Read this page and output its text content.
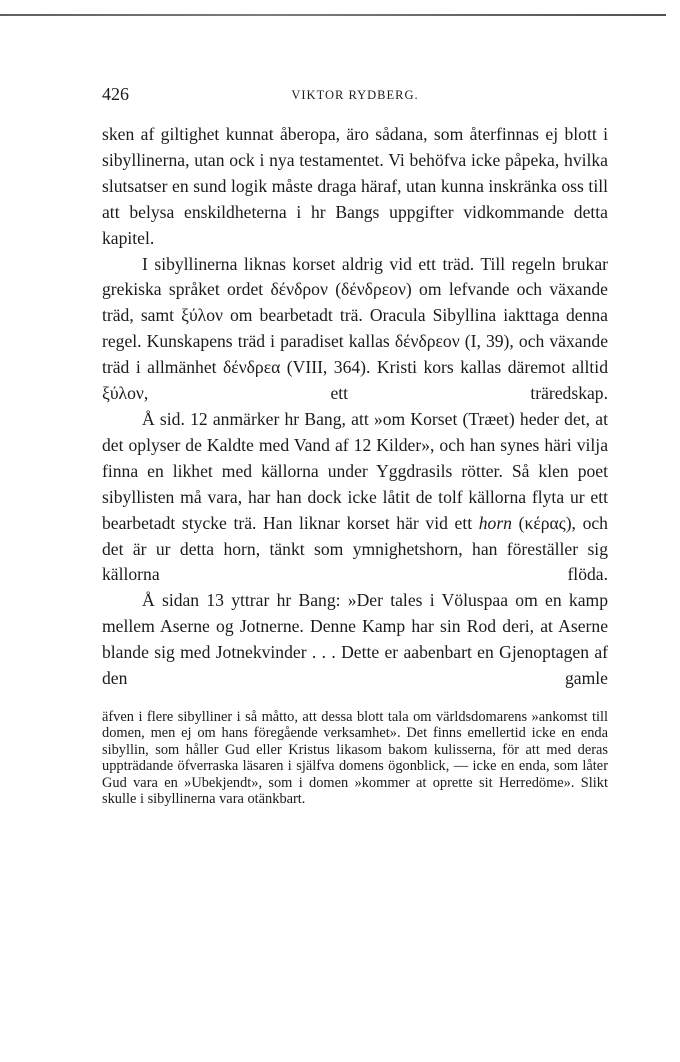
426	VIKTOR RYDBERG.

sken af giltighet kunnat åberopa, äro sådana, som återfinnas ej blott i sibyllinerna, utan ock i nya testamentet. Vi behöfva icke påpeka, hvilka slutsatser en sund logik måste draga häraf, utan kunna inskränka oss till att belysa enskildheterna i hr Bangs uppgifter vidkommande detta kapitel.

I sibyllinerna liknas korset aldrig vid ett träd. Till regeln brukar grekiska språket ordet δένδρον (δένδρεον) om lefvande och växande träd, samt ξύλον om bearbetadt trä. Oracula Sibyllina iakttaga denna regel. Kunskapens träd i paradiset kallas δένδρεον (I, 39), och växande träd i allmänhet δένδρεα (VIII, 364). Kristi kors kallas däremot alltid ξύλον, ett träredskap.

Å sid. 12 anmärker hr Bang, att »om Korset (Træet) heder det, at det oplyser de Kaldte med Vand af 12 Kilder», och han synes häri vilja finna en likhet med källorna under Yggdrasils rötter. Så klen poet sibyllisten må vara, har han dock icke låtit de tolf källorna flyta ur ett bearbetadt stycke trä. Han liknar korset här vid ett horn (κέρας), och det är ur detta horn, tänkt som ymnighetshorn, han föreställer sig källorna flöda.

Å sidan 13 yttrar hr Bang: »Der tales i Völuspaa om en kamp mellem Aserne og Jotnerne. Denne Kamp har sin Rod deri, at Aserne blande sig med Jotnekvinder . . . Dette er aabenbart en Gjenoptagen af den gamle

äfven i flere sibylliner i så måtto, att dessa blott tala om världsdomarens »ankomst till domen, men ej om hans föregående verksamhet». Det finns emellertid icke en enda sibyllin, som håller Gud eller Kristus likasom bakom kulisserna, för att med deras uppträdande öfverraska läsaren i själfva domens ögonblick, — icke en enda, som låter Gud vara en »Ubekjendt», som i domen »kommer at oprette sit Herredöme». Slikt skulle i sibyllinerna vara otänkbart.
